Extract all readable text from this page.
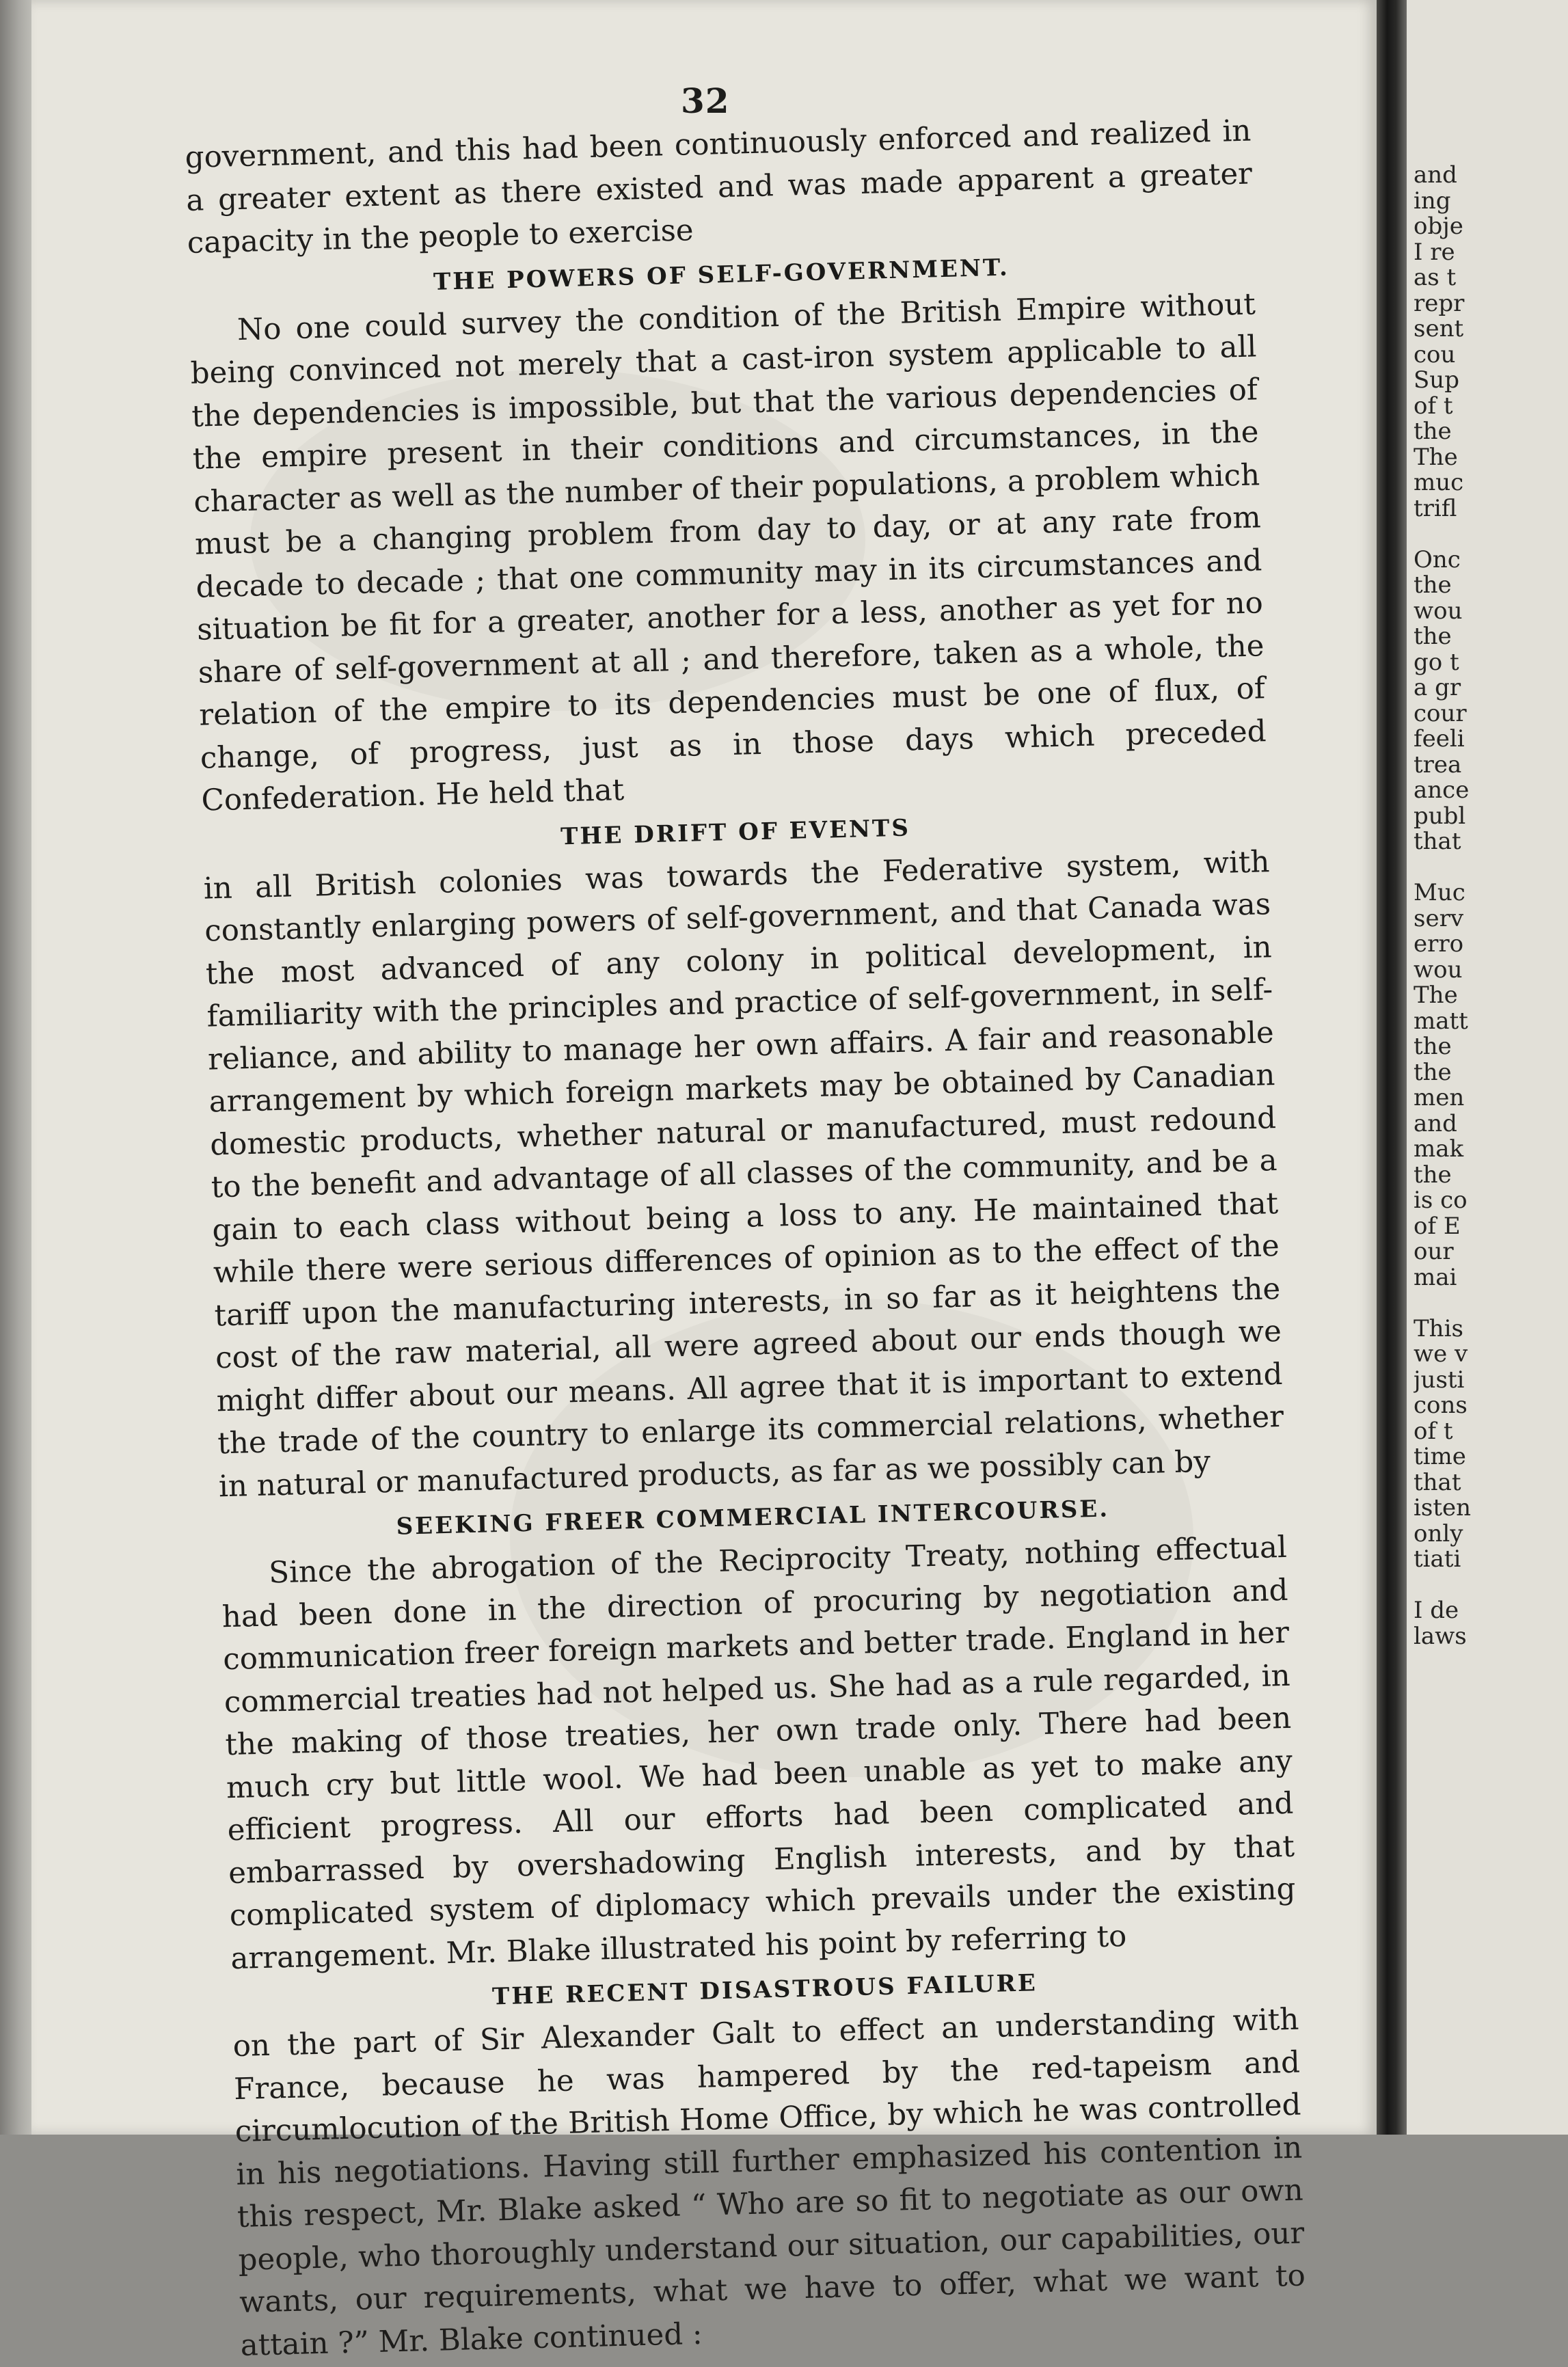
32

government, and this had been continuously enforced and realized in a greater extent as there existed and was made apparent a greater capacity in the people to exercise

THE POWERS OF SELF-GOVERNMENT.

No one could survey the condition of the British Empire without being convinced not merely that a cast-iron system applicable to all the dependencies is impossible, but that the various dependencies of the empire present in their conditions and circumstances, in the character as well as the number of their populations, a problem which must be a changing problem from day to day, or at any rate from decade to decade ; that one community may in its circumstances and situation be fit for a greater, another for a less, another as yet for no share of self-government at all ; and therefore, taken as a whole, the relation of the empire to its dependencies must be one of flux, of change, of progress, just as in those days which preceded Confederation. He held that

THE DRIFT OF EVENTS

in all British colonies was towards the Federative system, with constantly enlarging powers of self-government, and that Canada was the most advanced of any colony in political development, in familiarity with the principles and practice of self-government, in self-reliance, and ability to manage her own affairs. A fair and reasonable arrangement by which foreign markets may be obtained by Canadian domestic products, whether natural or manufactured, must redound to the benefit and advantage of all classes of the community, and be a gain to each class without being a loss to any. He maintained that while there were serious differences of opinion as to the effect of the tariff upon the manufacturing interests, in so far as it heightens the cost of the raw material, all were agreed about our ends though we might differ about our means. All agree that it is important to extend the trade of the country to enlarge its commercial relations, whether in natural or manufactured products, as far as we possibly can by

SEEKING FREER COMMERCIAL INTERCOURSE.

Since the abrogation of the Reciprocity Treaty, nothing effectual had been done in the direction of procuring by negotiation and communication freer foreign markets and better trade. England in her commercial treaties had not helped us. She had as a rule regarded, in the making of those treaties, her own trade only. There had been much cry but little wool. We had been unable as yet to make any efficient progress. All our efforts had been complicated and embarrassed by overshadowing English interests, and by that complicated system of diplomacy which prevails under the existing arrangement. Mr. Blake illustrated his point by referring to

THE RECENT DISASTROUS FAILURE

on the part of Sir Alexander Galt to effect an understanding with France, because he was hampered by the red-tapeism and circumlocution of the British Home Office, by which he was controlled in his negotiations. Having still further emphasized his contention in this respect, Mr. Blake asked “ Who are so fit to negotiate as our own people, who thoroughly understand our situation, our capabilities, our wants, our requirements, what we have to offer, what we want to attain ?” Mr. Blake continued :

and
ing
obje
I re
as t
repr
sent
cou
Sup
of t
the
The
muc
trifl
Onc
the
wou
the
go t
a gr
cour
feeli
trea
ance
publ
that
Muc
serv
erro
wou
The
matt
the
the
men
and
mak
the
is co
of E
our
mai
This
we v
justi
cons
of t
time
that
isten
only
tiati
I de
laws
